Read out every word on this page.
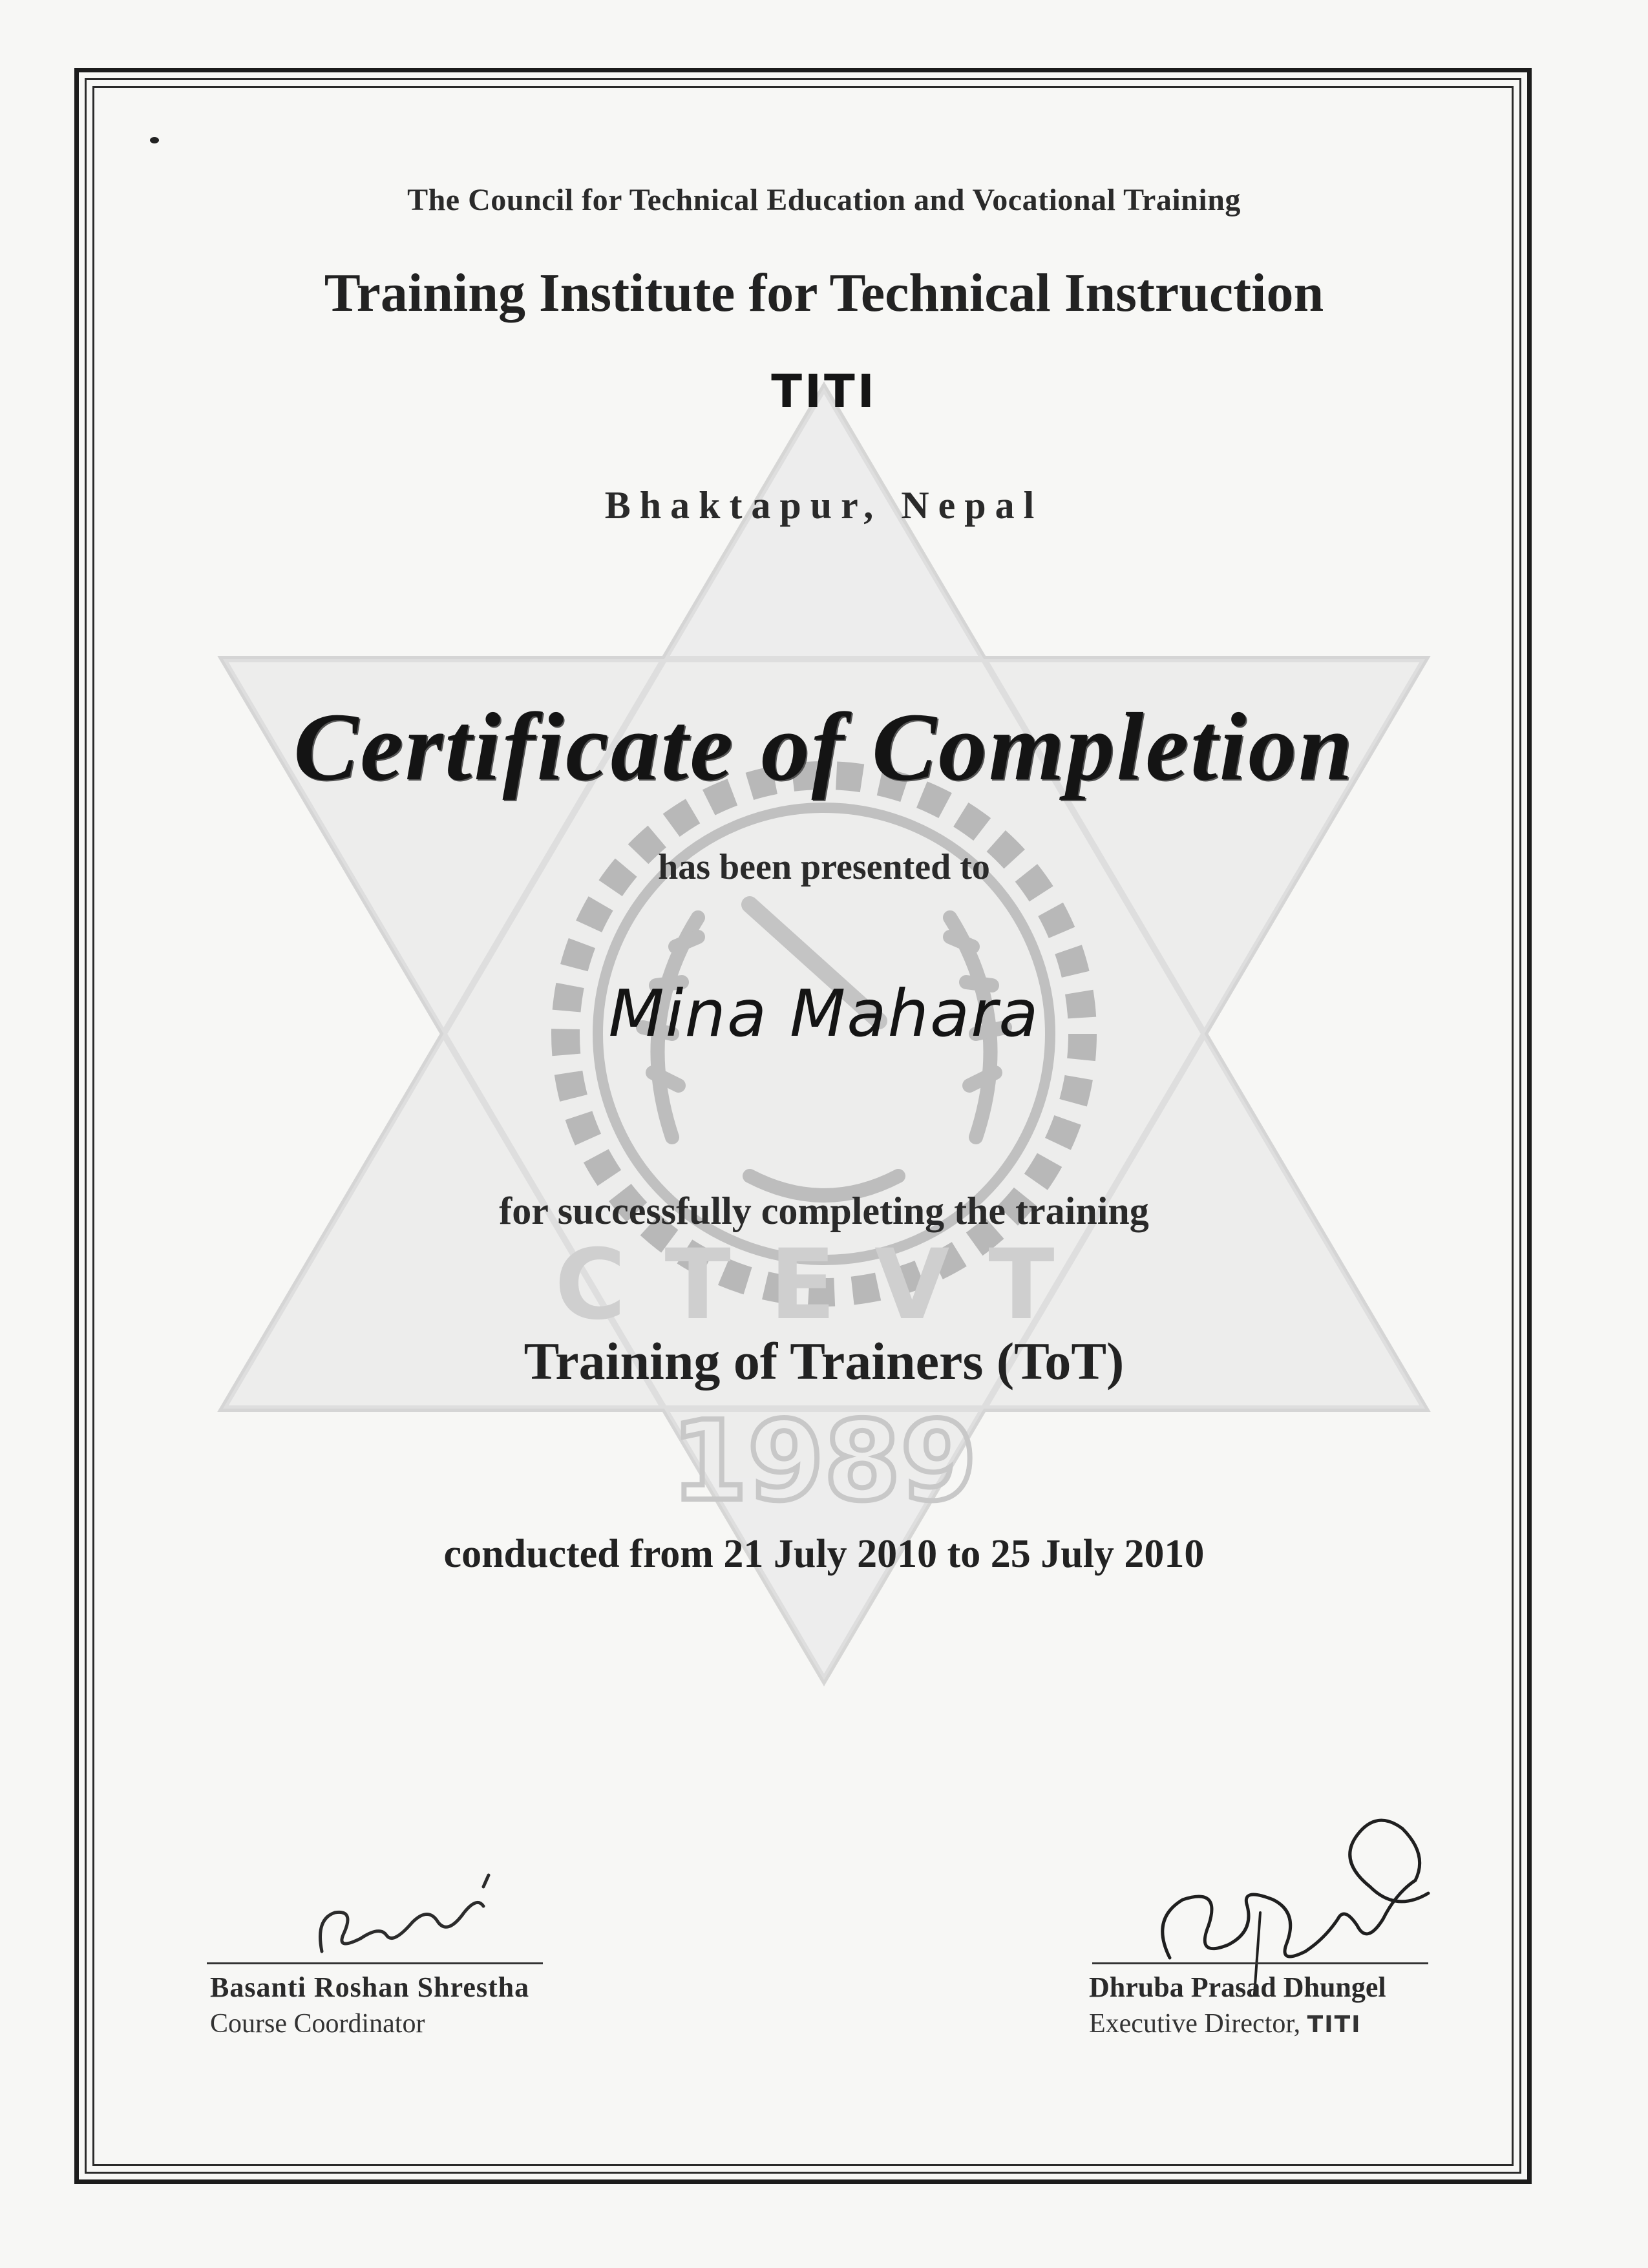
CTEVT
1989
The Council for Technical Education and Vocational Training
Training Institute for Technical Instruction
TITI
Bhaktapur, Nepal
Certificate of Completion
has been presented to
Mina Mahara
for successfully completing the training
Training of Trainers (ToT)
conducted from 21 July 2010 to 25 July 2010
Basanti Roshan Shrestha
Course Coordinator
Dhruba Prasad Dhungel
Executive Director, TITI
